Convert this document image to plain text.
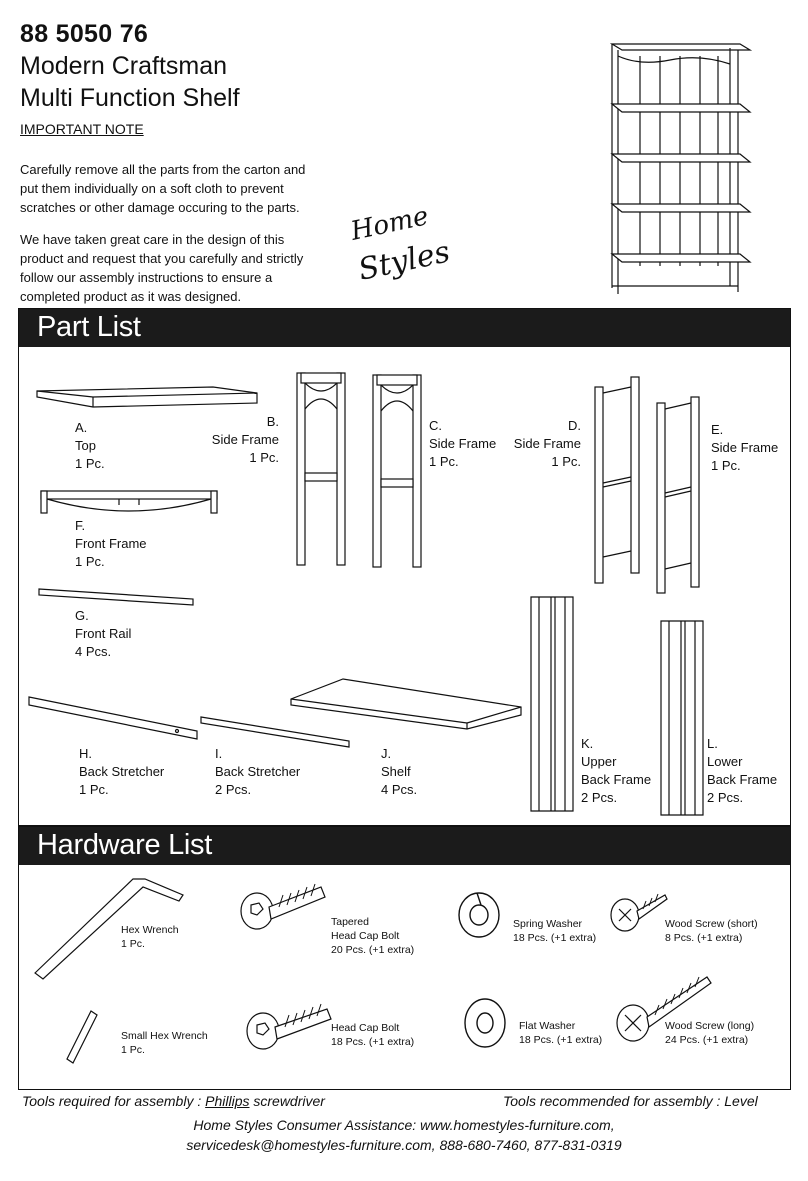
88 5050 76
Modern Craftsman
Multi Function Shelf
IMPORTANT NOTE
Carefully remove all the parts from the carton and put them individually on a soft cloth to prevent scratches or other damage occuring to the parts.
We have taken great care in the design of this product and request that you carefully and strictly follow our assembly instructions to ensure a completed product as it was designed.
Home
Styles
Part List
A.
Top
1 Pc.
B.
Side Frame
1 Pc.
C.
Side Frame
1 Pc.
D.
Side Frame
1 Pc.
E.
Side Frame
1 Pc.
F.
Front Frame
1 Pc.
G.
Front Rail
4 Pcs.
H.
Back Stretcher
1 Pc.
I.
Back Stretcher
2 Pcs.
J.
Shelf
4 Pcs.
K.
Upper
Back Frame
2 Pcs.
L.
Lower
Back Frame
2 Pcs.
Hardware List
Hex Wrench
1 Pc.
Tapered
Head Cap Bolt
20 Pcs. (+1 extra)
Spring Washer
18 Pcs. (+1 extra)
Wood Screw (short)
8 Pcs. (+1 extra)
Small Hex Wrench
1 Pc.
Head Cap Bolt
18 Pcs. (+1 extra)
Flat Washer
18 Pcs. (+1 extra)
Wood Screw (long)
24 Pcs. (+1 extra)
Tools required for assembly : Phillips screwdriver	Tools recommended for assembly : Level
Home Styles Consumer Assistance: www.homestyles-furniture.com,
servicedesk@homestyles-furniture.com, 888-680-7460, 877-831-0319
